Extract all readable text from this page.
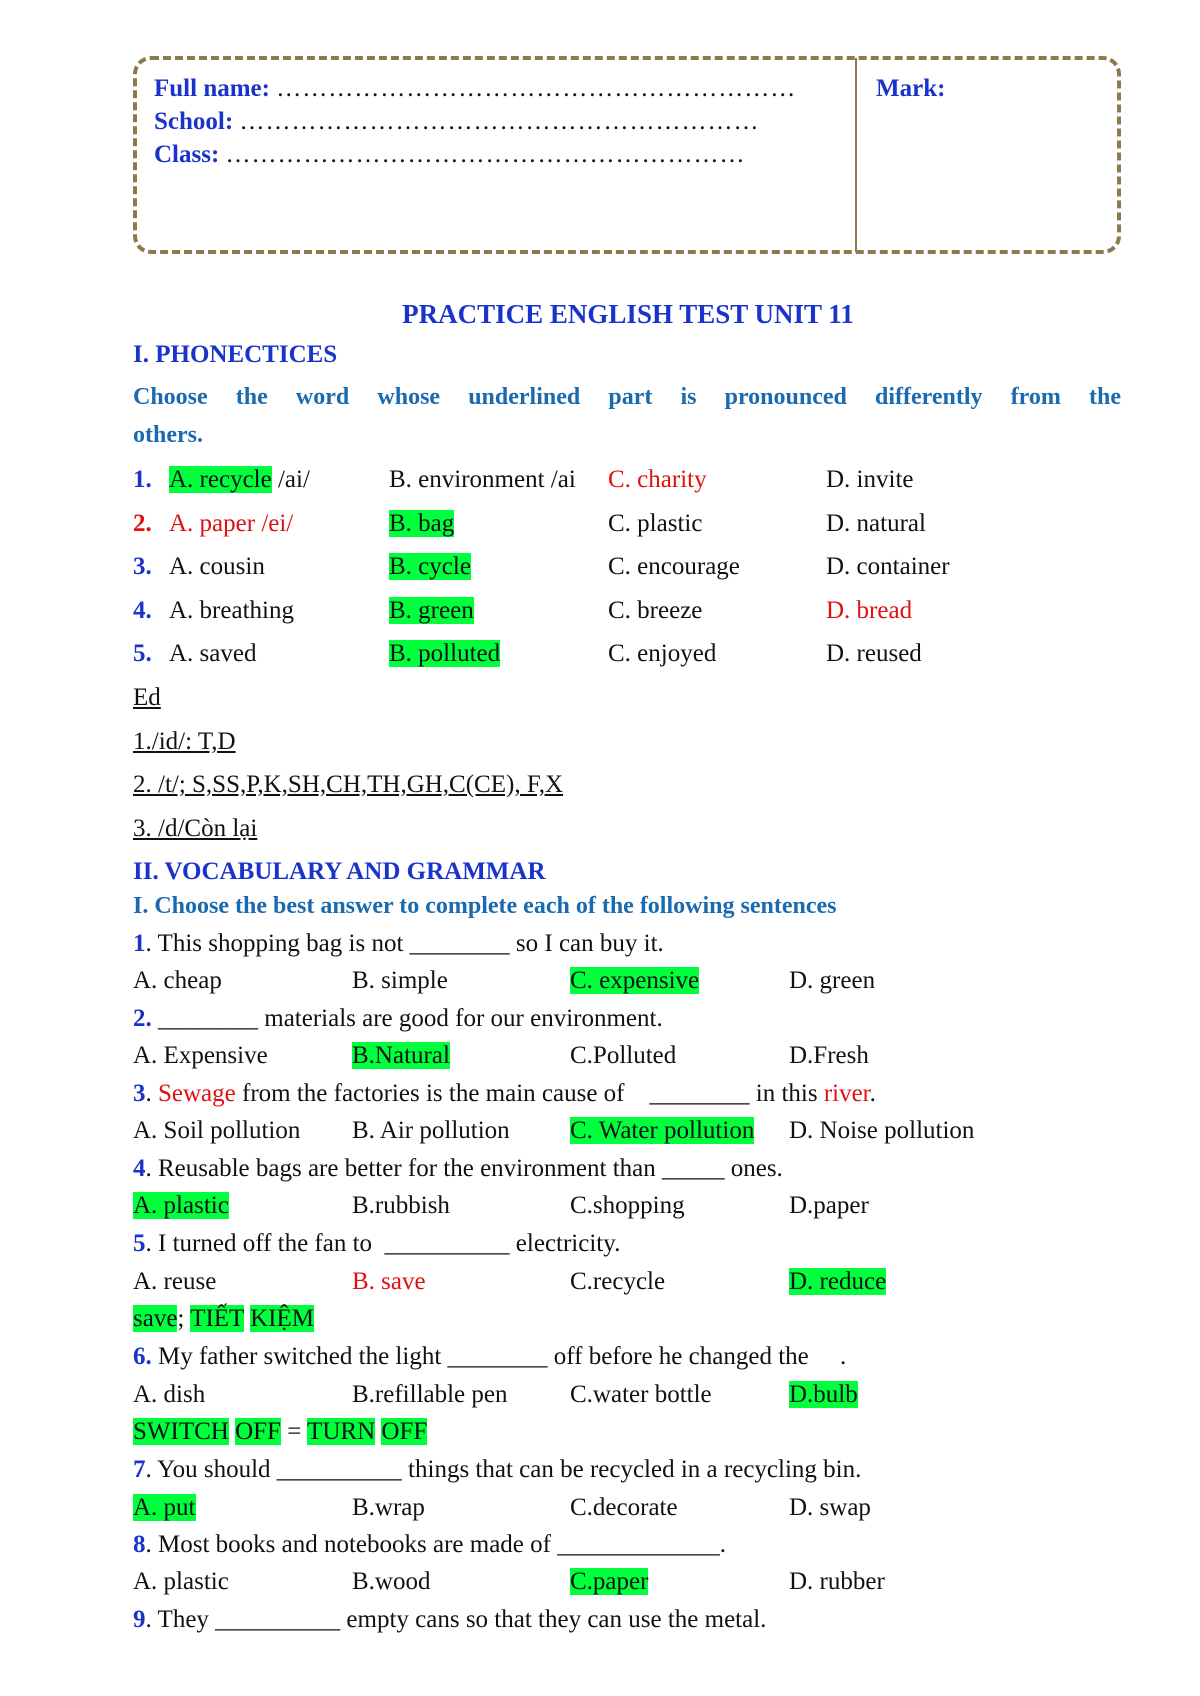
Full name: ……………………………………………………
School: ……………………………………………………
Class: ……………………………………………………
Mark:
PRACTICE ENGLISH TEST UNIT 11
I. PHONECTICES
Choose the word whose underlined part is pronounced differently from the
others.
1. A. recycle /ai/	B. environment /ai C. charity	D. invite
2. A. paper /ei/	B. bag	C. plastic	D. natural
3. A. cousin	B. cycle	C. encourage	D. container
4. A. breathing	B. green	C. breeze	D. bread
5. A. saved	B. polluted	C. enjoyed	D. reused
Ed
1./id/: T,D
2. /t/; S,SS,P,K,SH,CH,TH,GH,C(CE), F,X
3. /d/Còn lại
II. VOCABULARY AND GRAMMAR
I. Choose the best answer to complete each of the following sentences
1. This shopping bag is not ________ so I can buy it.
A. cheap	B. simple	C. expensive	D. green
2. ________ materials are good for our environment.
A. Expensive	B.Natural	C.Polluted	D.Fresh
3. Sewage from the factories is the main cause of    ________ in this river.
A. Soil pollution B. Air pollution C. Water pollution D. Noise pollution
4. Reusable bags are better for the environment than _____ ones.
A. plastic	B.rubbish	C.shopping	D.paper
5. I turned off the fan to  __________ electricity.
A. reuse	B. save	C.recycle	D. reduce
save; TIẾT KIỆM
6. My father switched the light ________ off before he changed the     .
A. dish	B.refillable pen	C.water bottle	D.bulb
SWITCH OFF = TURN OFF
7. You should __________ things that can be recycled in a recycling bin.
A. put	B.wrap	C.decorate	D. swap
8. Most books and notebooks are made of _____________.
A. plastic	B.wood	C.paper	D. rubber
9. They __________ empty cans so that they can use the metal.
